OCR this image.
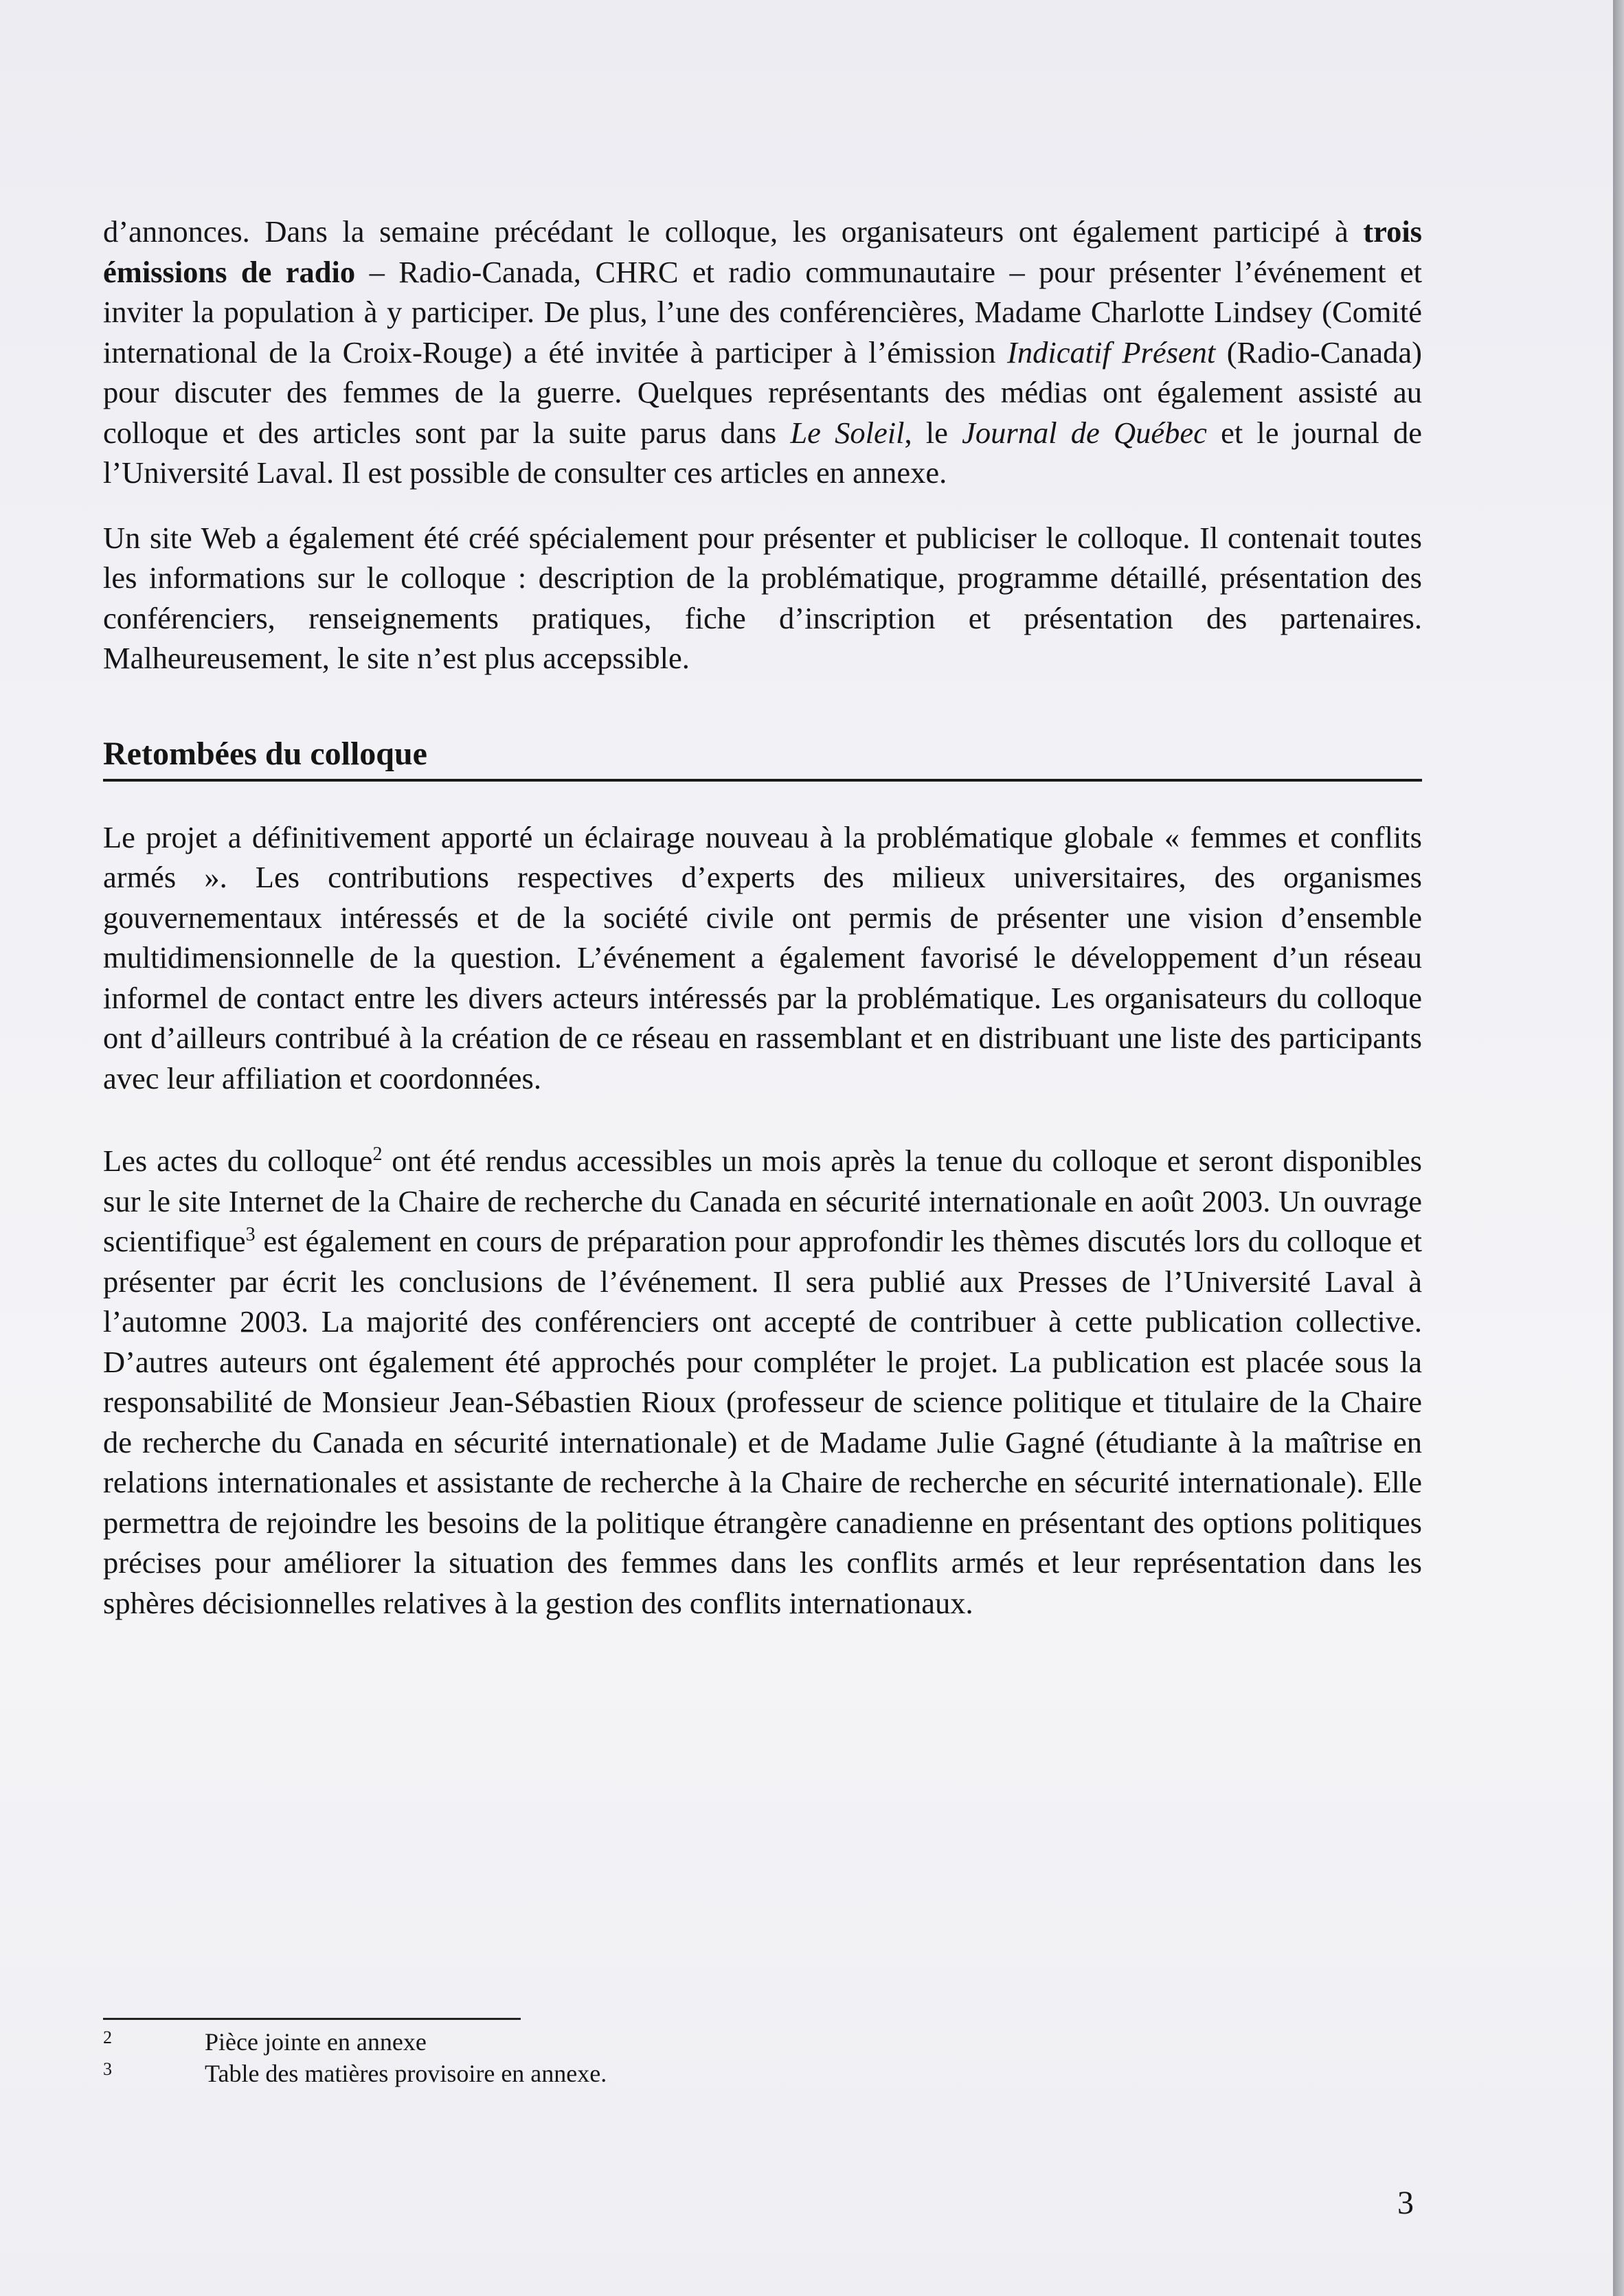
d’annonces. Dans la semaine précédant le colloque, les organisateurs ont également participé à trois émissions de radio – Radio-Canada, CHRC et radio communautaire – pour présenter l’événement et inviter la population à y participer. De plus, l’une des conférencières, Madame Charlotte Lindsey (Comité international de la Croix-Rouge) a été invitée à participer à l’émission Indicatif Présent (Radio-Canada) pour discuter des femmes de la guerre. Quelques représentants des médias ont également assisté au colloque et des articles sont par la suite parus dans Le Soleil, le Journal de Québec et le journal de l’Université Laval. Il est possible de consulter ces articles en annexe.

Un site Web a également été créé spécialement pour présenter et publiciser le colloque. Il contenait toutes les informations sur le colloque : description de la problématique, programme détaillé, présentation des conférenciers, renseignements pratiques, fiche d’inscription et présentation des partenaires. Malheureusement, le site n’est plus accepssible.

Retombées du colloque

Le projet a définitivement apporté un éclairage nouveau à la problématique globale « femmes et conflits armés ». Les contributions respectives d’experts des milieux universitaires, des organismes gouvernementaux intéressés et de la société civile ont permis de présenter une vision d’ensemble multidimensionnelle de la question. L’événement a également favorisé le développement d’un réseau informel de contact entre les divers acteurs intéressés par la problématique. Les organisateurs du colloque ont d’ailleurs contribué à la création de ce réseau en rassemblant et en distribuant une liste des participants avec leur affiliation et coordonnées.

Les actes du colloque$^2$ ont été rendus accessibles un mois après la tenue du colloque et seront disponibles sur le site Internet de la Chaire de recherche du Canada en sécurité internationale en août 2003. Un ouvrage scientifique$^3$ est également en cours de préparation pour approfondir les thèmes discutés lors du colloque et présenter par écrit les conclusions de l’événement. Il sera publié aux Presses de l’Université Laval à l’automne 2003. La majorité des conférenciers ont accepté de contribuer à cette publication collective. D’autres auteurs ont également été approchés pour compléter le projet. La publication est placée sous la responsabilité de Monsieur Jean-Sébastien Rioux (professeur de science politique et titulaire de la Chaire de recherche du Canada en sécurité internationale) et de Madame Julie Gagné (étudiante à la maîtrise en relations internationales et assistante de recherche à la Chaire de recherche en sécurité internationale). Elle permettra de rejoindre les besoins de la politique étrangère canadienne en présentant des options politiques précises pour améliorer la situation des femmes dans les conflits armés et leur représentation dans les sphères décisionnelles relatives à la gestion des conflits internationaux.

2	Pièce jointe en annexe
3	Table des matières provisoire en annexe.
3
